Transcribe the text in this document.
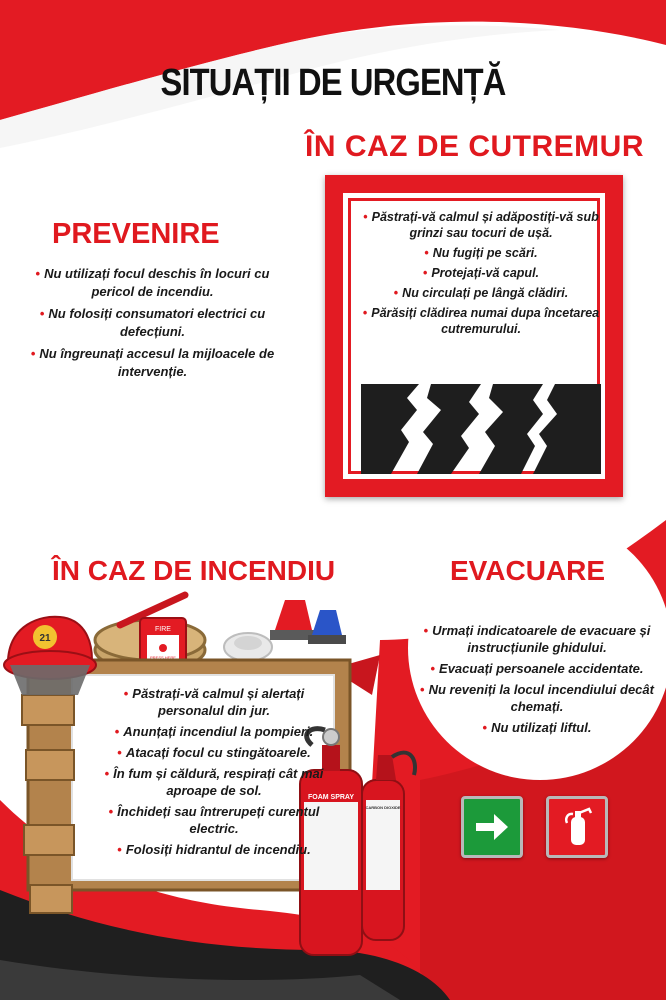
SITUAȚII DE URGENȚĂ
ÎN CAZ DE CUTREMUR
• Păstrați-vă calmul și adăpostiți-vă sub grinzi sau tocuri de ușă.
• Nu fugiți pe scări.
• Protejați-vă capul.
• Nu circulați pe lângă clădiri.
• Părăsiți clădirea numai dupa încetarea cutremurului.
PREVENIRE
• Nu utilizați focul deschis în locuri cu pericol de incendiu.
• Nu folosiți consumatori electrici cu defecțiuni.
• Nu îngreunați accesul la mijloacele de intervenție.
ÎN CAZ DE INCENDIU
FIRE
PRESS HERE
21
FOAM SPRAY
CARBON DIOXIDE
• Păstrați-vă calmul și alertați personalul din jur.
• Anunțați incendiul la pompieri.
• Atacați focul cu stingătoarele.
• În fum și căldură, respirați cât mai aproape de sol.
• Închideți sau întrerupeți curentul electric.
• Folosiți hidrantul de incendiu.
EVACUARE
• Urmați indicatoarele de evacuare și instrucțiunile ghidului.
• Evacuați persoanele accidentate.
• Nu reveniți la locul incendiului decât chemați.
• Nu utilizați liftul.
